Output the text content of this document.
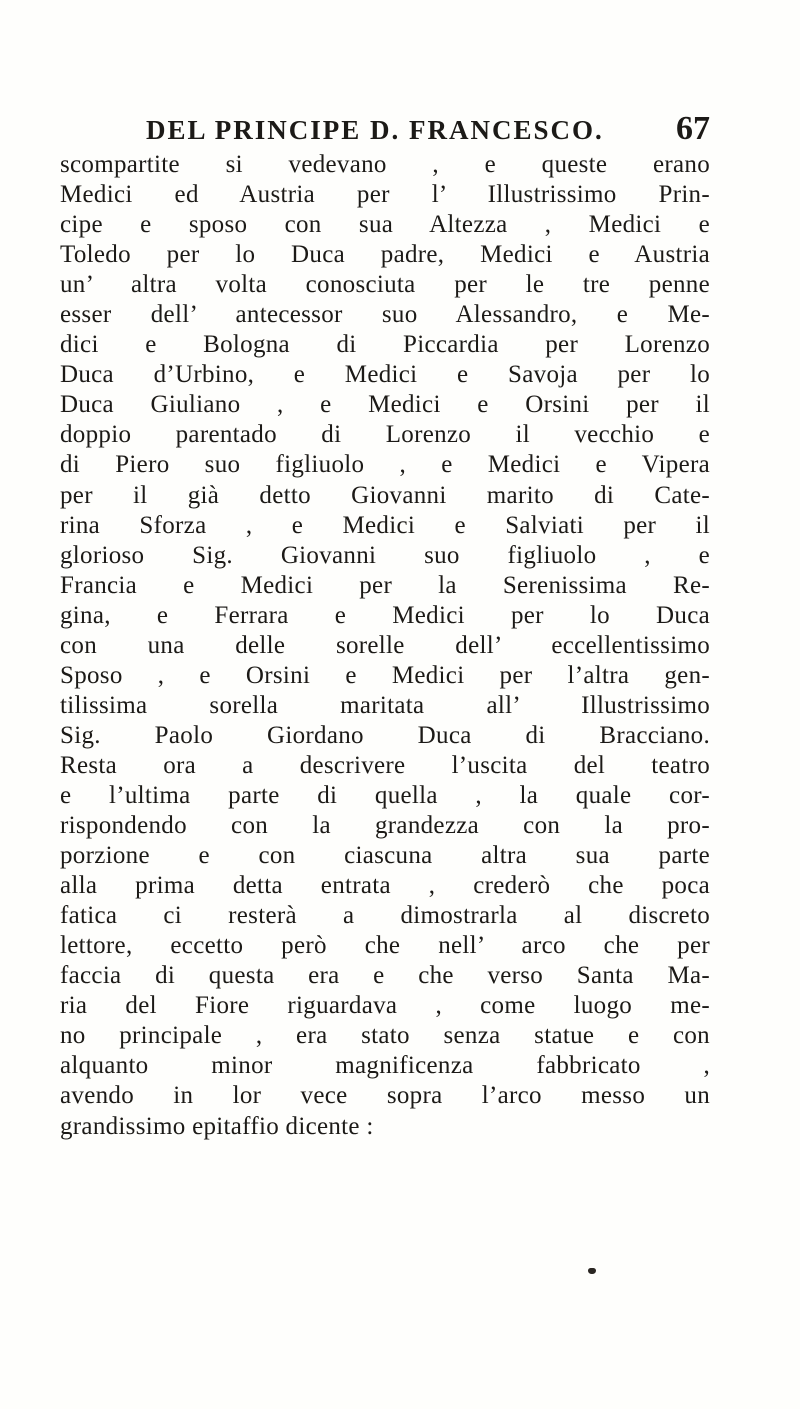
DEL PRINCIPE D. FRANCESCO. 67
scompartite si vedevano , e queste erano
Medici ed Austria per l’ Illustrissimo Prin-
cipe e sposo con sua Altezza , Medici e
Toledo per lo Duca padre, Medici e Austria
un’ altra volta conosciuta per le tre penne
esser dell’ antecessor suo Alessandro, e Me-
dici e Bologna di Piccardia per Lorenzo
Duca d’Urbino, e Medici e Savoja per lo
Duca Giuliano , e Medici e Orsini per il
doppio parentado di Lorenzo il vecchio e
di Piero suo figliuolo , e Medici e Vipera
per il già detto Giovanni marito di Cate-
rina Sforza , e Medici e Salviati per il
glorioso Sig. Giovanni suo figliuolo , e
Francia e Medici per la Serenissima Re-
gina, e Ferrara e Medici per lo Duca
con una delle sorelle dell’ eccellentissimo
Sposo , e Orsini e Medici per l’altra gen-
tilissima sorella maritata all’ Illustrissimo
Sig. Paolo Giordano Duca di Bracciano.
Resta ora a descrivere l’uscita del teatro
e l’ultima parte di quella , la quale cor-
rispondendo con la grandezza con la pro-
porzione e con ciascuna altra sua parte
alla prima detta entrata , crederò che poca
fatica ci resterà a dimostrarla al discreto
lettore, eccetto però che nell’ arco che per
faccia di questa era e che verso Santa Ma-
ria del Fiore riguardava , come luogo me-
no principale , era stato senza statue e con
alquanto minor magnificenza fabbricato ,
avendo in lor vece sopra l’arco messo un
grandissimo epitaffio dicente :
